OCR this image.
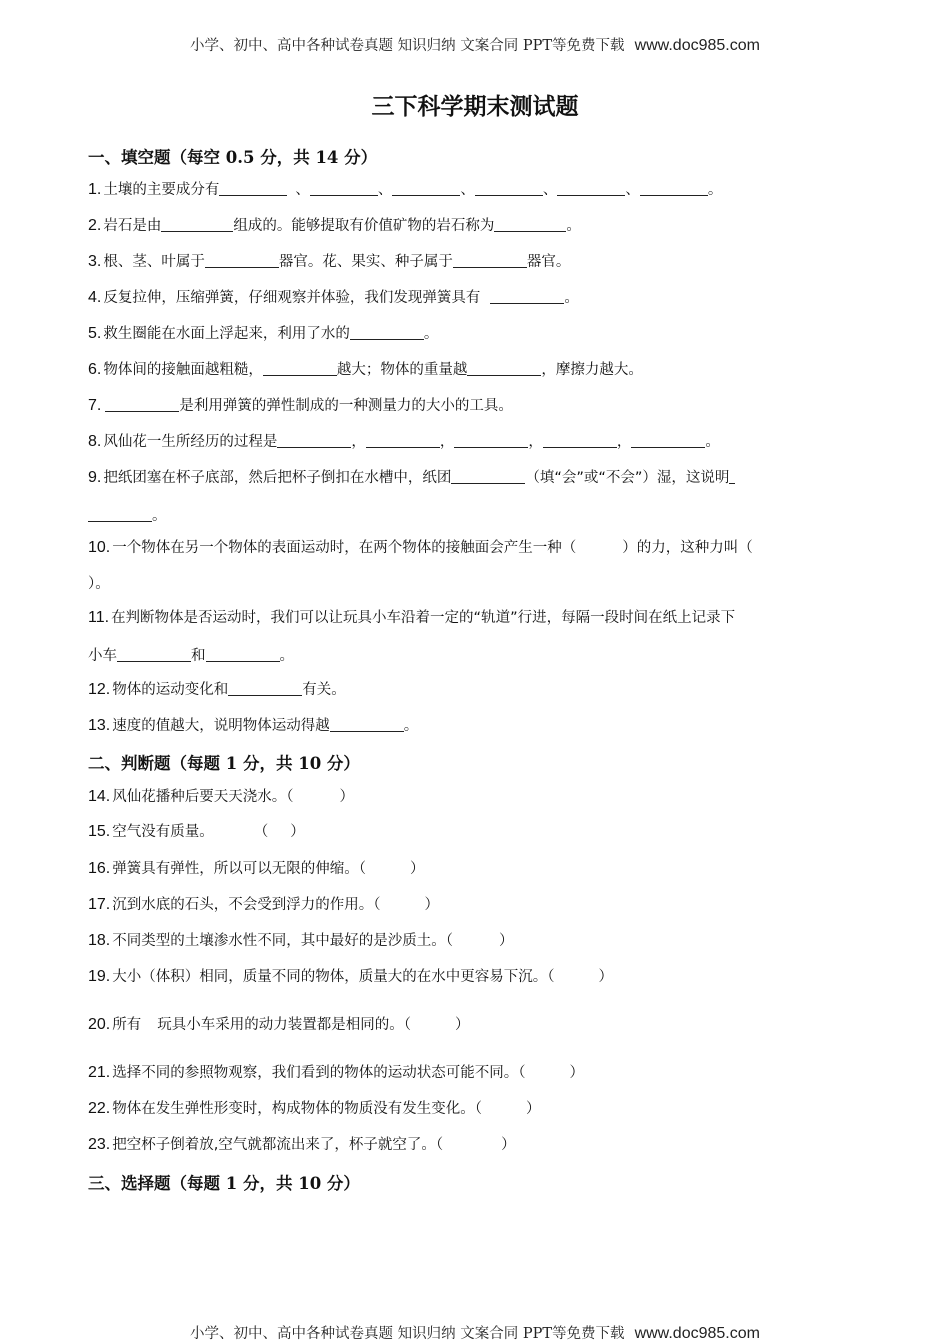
小学、初中、高中各种试卷真题 知识归纳 文案合同 PPT等免费下载 www.doc985.com
三下科学期末测试题
一、填空题（每空 0.5 分，共 14 分）
1. 土壤的主要成分有	、	、	、	、	、	。
2. 岩石是由	组成的。能够提取有价值矿物的岩石称为	。
3. 根、茎、叶属于	器官。花、果实、种子属于	器官。
4. 反复拉伸，压缩弹簧，仔细观察并体验，我们发现弹簧具有	。
5. 救生圈能在水面上浮起来，利用了水的	。
6. 物体间的接触面越粗糙，	越大；物体的重量越	，摩擦力越大。
7.	是利用弹簧的弹性制成的一种测量力的大小的工具。
8. 风仙花一生所经历的过程是	，	，	，	，	。
9. 把纸团塞在杯子底部，然后把杯子倒扣在水槽中，纸团	（填“会”或“不会”）湿，这说明
。
10. 一个物体在另一个物体的表面运动时，在两个物体的接触面会产生一种（	）的力，这种力叫（
）。
11. 在判断物体是否运动时，我们可以让玩具小车沿着一定的“轨道”行进，每隔一段时间在纸上记录下
小车	和	。
12. 物体的运动变化和	有关。
13. 速度的值越大，说明物体运动得越	。
二、判断题（每题 1 分，共 10 分）
14. 风仙花播种后要天天浇水。（	）
15. 空气没有质量。	（ ）
16. 弹簧具有弹性，所以可以无限的伸缩。（	）
17. 沉到水底的石头，不会受到浮力的作用。（	）
18. 不同类型的土壤渗水性不同，其中最好的是沙质土。（	）
19. 大小（体积）相同，质量不同的物体，质量大的在水中更容易下沉。（	）
20. 所有 玩具小车采用的动力装置都是相同的。（	）
21. 选择不同的参照物观察，我们看到的物体的运动状态可能不同。（	）
22. 物体在发生弹性形变时，构成物体的物质没有发生变化。（	）
23. 把空杯子倒着放,空气就都流出来了，杯子就空了。（	）
三、选择题（每题 1 分，共 10 分）
小学、初中、高中各种试卷真题 知识归纳 文案合同 PPT等免费下载 www.doc985.com
